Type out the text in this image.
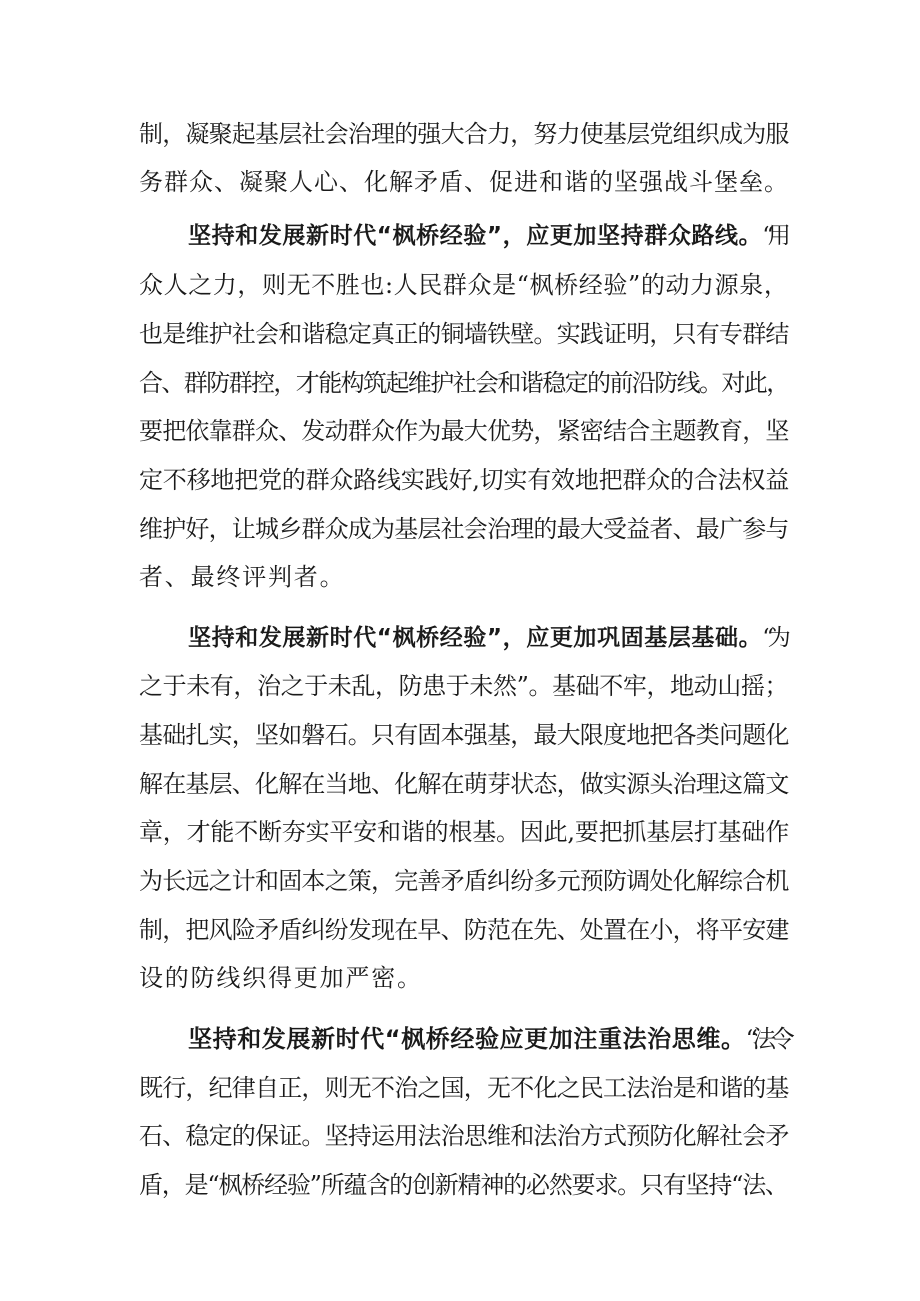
制，凝聚起基层社会治理的强大合力，努力使基层党组织成为服
务群众、凝聚人心、化解矛盾、促进和谐的坚强战斗堡垒。
坚持和发展新时代“枫桥经验”，应更加坚持群众路线。“用
众人之力，则无不胜也:人民群众是“枫桥经验”的动力源泉，
也是维护社会和谐稳定真正的铜墙铁壁。实践证明，只有专群结
合、群防群控，才能构筑起维护社会和谐稳定的前沿防线。对此，
要把依靠群众、发动群众作为最大优势，紧密结合主题教育，坚
定不移地把党的群众路线实践好,切实有效地把群众的合法权益
维护好，让城乡群众成为基层社会治理的最大受益者、最广参与
者、最终评判者。
坚持和发展新时代“枫桥经验”，应更加巩固基层基础。“为
之于未有，治之于未乱，防患于未然”。基础不牢，地动山摇；
基础扎实，坚如磐石。只有固本强基，最大限度地把各类问题化
解在基层、化解在当地、化解在萌芽状态，做实源头治理这篇文
章，才能不断夯实平安和谐的根基。因此,要把抓基层打基础作
为长远之计和固本之策，完善矛盾纠纷多元预防调处化解综合机
制，把风险矛盾纠纷发现在早、防范在先、处置在小，将平安建
设的防线织得更加严密。
坚持和发展新时代“枫桥经验应更加注重法治思维。“法令
既行，纪律自正，则无不治之国，无不化之民工法治是和谐的基
石、稳定的保证。坚持运用法治思维和法治方式预防化解社会矛
盾，是“枫桥经验”所蕴含的创新精神的必然要求。只有坚持“法、
